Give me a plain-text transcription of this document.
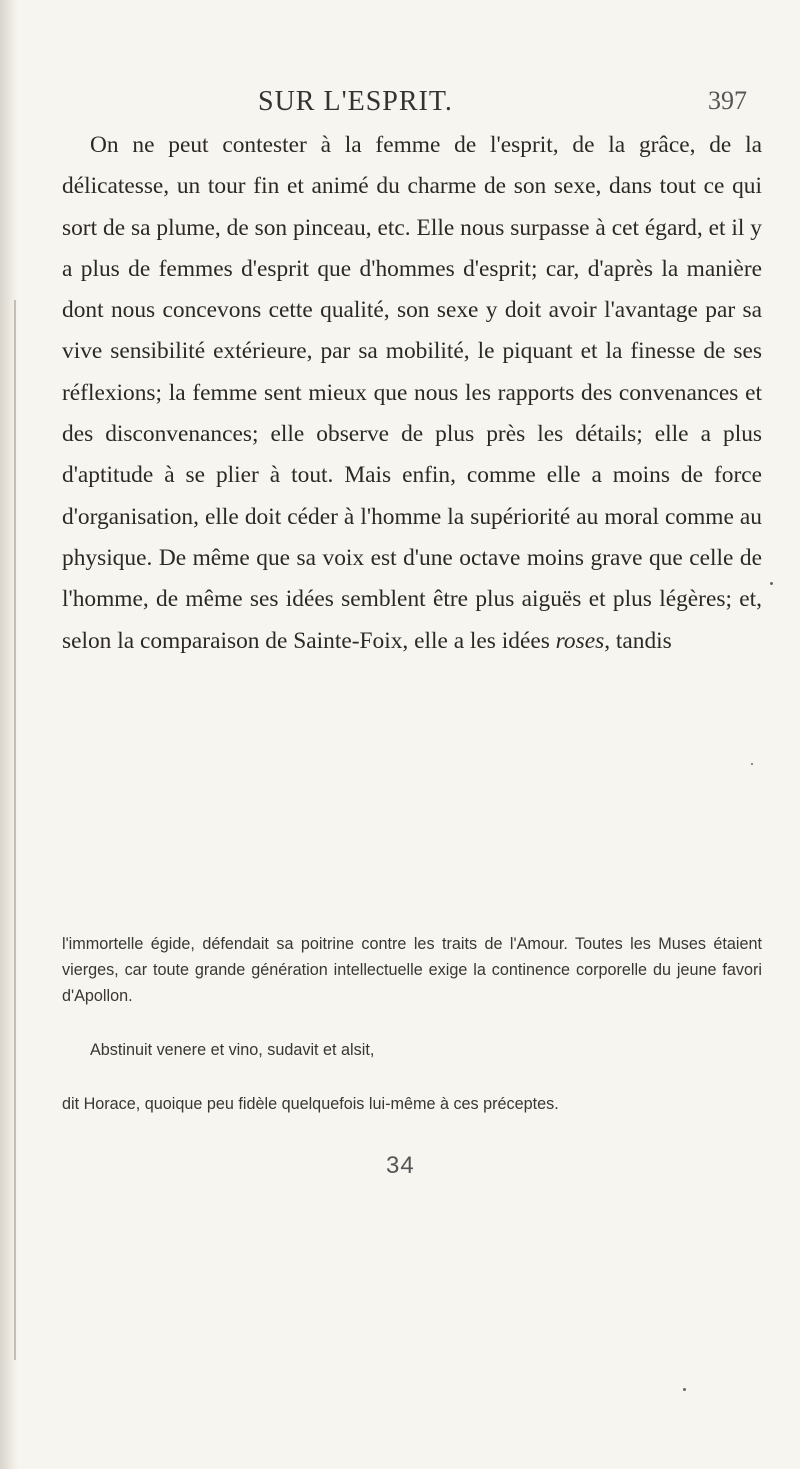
SUR L'ESPRIT.	397

On ne peut contester à la femme de l'esprit, de la grâce, de la délicatesse, un tour fin et animé du charme de son sexe, dans tout ce qui sort de sa plume, de son pinceau, etc. Elle nous surpasse à cet égard, et il y a plus de femmes d'esprit que d'hommes d'esprit; car, d'après la manière dont nous concevons cette qualité, son sexe y doit avoir l'avantage par sa vive sensibilité extérieure, par sa mobilité, le piquant et la finesse de ses réflexions; la femme sent mieux que nous les rapports des convenances et des disconvenances; elle observe de plus près les détails; elle a plus d'aptitude à se plier à tout. Mais enfin, comme elle a moins de force d'organisation, elle doit céder à l'homme la supériorité au moral comme au physique. De même que sa voix est d'une octave moins grave que celle de l'homme, de même ses idées semblent être plus aiguës et plus légères; et, selon la comparaison de Sainte-Foix, elle a les idées roses, tandis

l'immortelle égide, défendait sa poitrine contre les traits de l'Amour. Toutes les Muses étaient vierges, car toute grande génération intellectuelle exige la continence corporelle du jeune favori d'Apollon.

Abstinuit venere et vino, sudavit et alsit,

dit Horace, quoique peu fidèle quelquefois lui-même à ces préceptes.

34
